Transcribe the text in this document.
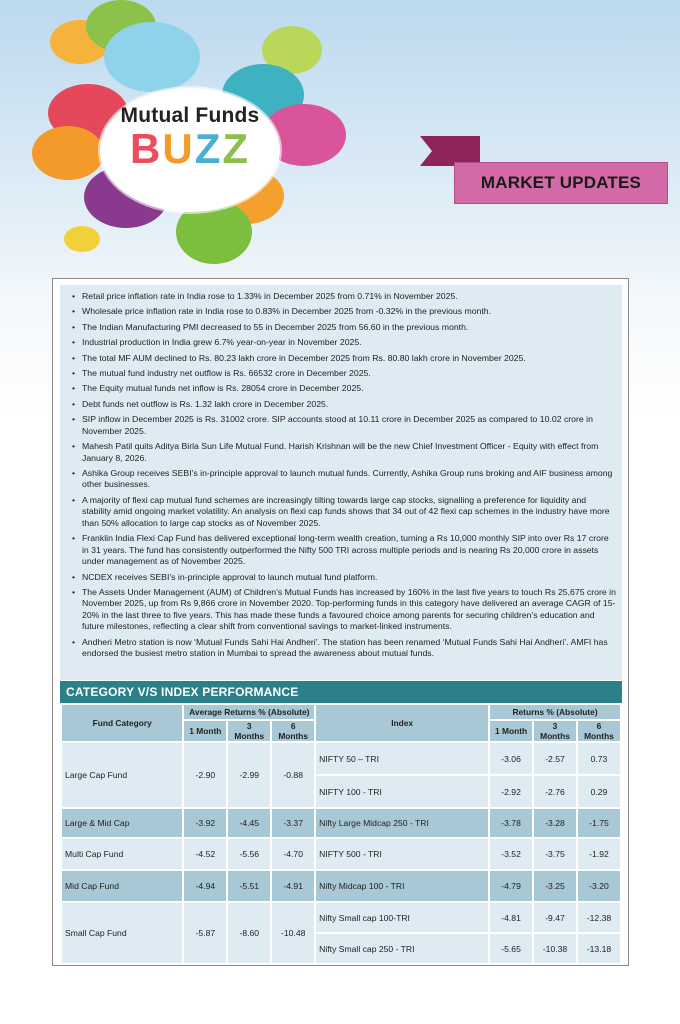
Mutual Funds
BUZZ
MARKET UPDATES
• Retail price inflation rate in India rose to 1.33% in December 2025 from 0.71% in November 2025.
• Wholesale price inflation rate in India rose to 0.83% in December 2025 from -0.32% in the previous month.
• The Indian Manufacturing PMI decreased to 55 in December 2025 from 56.60 in the previous month.
• Industrial production in India grew 6.7% year-on-year in November 2025.
• The total MF AUM declined to Rs. 80.23 lakh crore in December 2025 from Rs. 80.80 lakh crore in November 2025.
• The mutual fund industry net outflow is Rs. 66532 crore in December 2025.
• The Equity mutual funds net inflow is Rs. 28054 crore in December 2025.
• Debt funds net outflow is Rs. 1.32 lakh crore in December 2025.
• SIP inflow in December 2025 is Rs. 31002 crore. SIP accounts stood at 10.11 crore in December 2025 as compared to 10.02 crore in November 2025.
• Mahesh Patil quits Aditya Birla Sun Life Mutual Fund. Harish Krishnan will be the new Chief Investment Officer - Equity with effect from January 8, 2026.
• Ashika Group receives SEBI’s in-principle approval to launch mutual funds. Currently, Ashika Group runs broking and AIF business among other businesses.
• A majority of flexi cap mutual fund schemes are increasingly tilting towards large cap stocks, signalling a preference for liquidity and stability amid ongoing market volatility. An analysis on flexi cap funds shows that 34 out of 42 flexi cap schemes in the industry have more than 50% allocation to large cap stocks as of November 2025.
• Franklin India Flexi Cap Fund has delivered exceptional long-term wealth creation, turning a Rs 10,000 monthly SIP into over Rs 17 crore in 31 years. The fund has consistently outperformed the Nifty 500 TRI across multiple periods and is nearing Rs 20,000 crore in assets under management as of November 2025.
• NCDEX receives SEBI’s in-principle approval to launch mutual fund platform.
• The Assets Under Management (AUM) of Children’s Mutual Funds has increased by 160% in the last five years to touch Rs 25,675 crore in November 2025, up from Rs 9,866 crore in November 2020. Top-performing funds in this category have delivered an average CAGR of 15-20% in the last three to five years. This has made these funds a favoured choice among parents for securing children’s education and future milestones, reflecting a clear shift from conventional savings to market-linked instruments.
• Andheri Metro station is now ‘Mutual Funds Sahi Hai Andheri’. The station has been renamed ‘Mutual Funds Sahi Hai Andheri’. AMFI has endorsed the busiest metro station in Mumbai to spread the awareness about mutual funds.
CATEGORY V/S INDEX PERFORMANCE
Fund Category	Average Returns % (Absolute)			Index	Returns % (Absolute)		
	1 Month	3 Months	6 Months		1 Month	3 Months	6 Months
Large Cap Fund	-2.90	-2.99	-0.88	NIFTY 50 – TRI	-3.06	-2.57	0.73
				NIFTY 100 - TRI	-2.92	-2.76	0.29
Large & Mid Cap	-3.92	-4.45	-3.37	Nifty Large Midcap 250 - TRI	-3.78	-3.28	-1.75
Multi Cap Fund	-4.52	-5.56	-4.70	NIFTY 500 - TRI	-3.52	-3.75	-1.92
Mid Cap Fund	-4.94	-5.51	-4.91	Nifty Midcap 100 - TRI	-4.79	-3.25	-3.20
Small Cap Fund	-5.87	-8.60	-10.48	Nifty Small cap 100-TRI	-4.81	-9.47	-12.38
				Nifty Small cap 250 - TRI	-5.65	-10.38	-13.18
